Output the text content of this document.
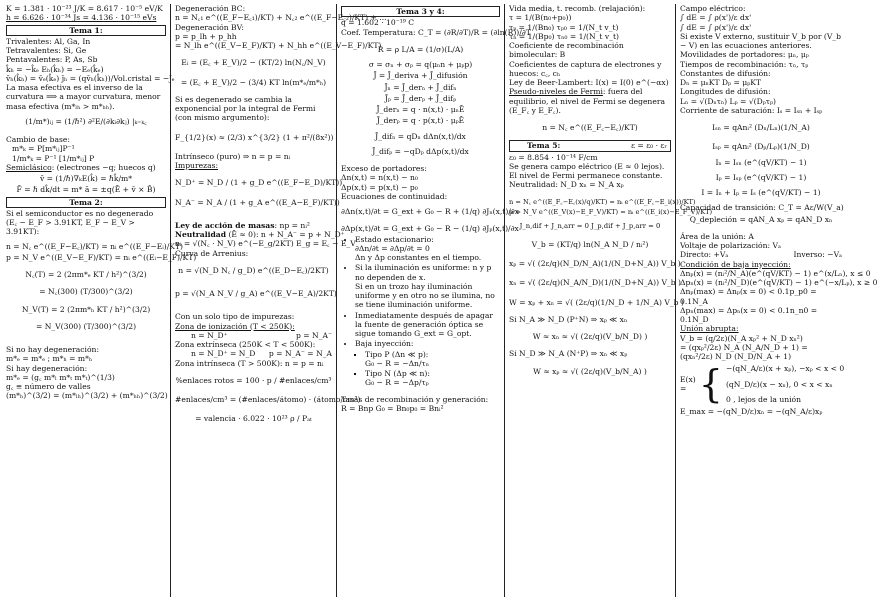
K = 1.381 · 10⁻²³ J/K = 8.617 · 10⁻⁵ eV/K
h = 6.626 · 10⁻³⁴ Js = 4.136 · 10⁻¹⁵ eVs
Tema 1:
Trivalentes: Al, Ga, In
Tetravalentes: Si, Ge
Pentavalentes: P, As, Sb
k̂ₕ = −k̂ₑ Eₕ(k̂ₕ) = −Eₑ(k̂ₑ)
v̄ₕ(k̂ₕ) = v̄ₑ(k̂ₑ) j̄ₕ = (qv̄ₕ(k̂ₕ))/Vol.cristal = −j̄ₑ
La masa efectiva es el inverso de la curvatura ⟹ a mayor curvatura, menor masa efectiva (m*ₗₕ > m*ₕₕ).
(1/m*)ᵢⱼ = (1/ℏ²) ∂²E/(∂kᵢ∂kⱼ) |ₖ₌ₖ꜀
Cambio de base:
m*ₖ = P[m*ᵢⱼ]P⁻¹
1/m*ₖ = P⁻¹ [1/m*ᵢⱼ] P
Semiclásico: (electrones −q; huecos q)
v̄ = (1/ℏ)∇ₖE(k̂) = ℏk̂/m*
F̄ = ℏ dk̂/dt = m* ā = ±q(Ē + v̄ × B̄)
Tema 2:
Si el semiconductor es no degenerado (E꜀ − E_F > 3.91KT, E_F − E_V > 3.91KT):
n = N꜀ e^((E_F−E꜀)/KT) = nᵢ e^((E_F−Eᵢ)/KT)
p = N_V e^((E_V−E_F)/KT) = nᵢ e^((Eᵢ−E_F)/KT)
N꜀(T) = 2 (2πm*ₑ KT / h²)^(3/2)
= N꜀(300) (T/300)^(3/2)
N_V(T) = 2 (2πm*ₕ KT / h²)^(3/2)
= N_V(300) (T/300)^(3/2)
Si no hay degeneración:
m*ₑ = m*ₑ ; m*ₕ = m*ₕ
Si hay degeneración:
m*ₑ = (g꜀ m*ₗ m*ₜ m*ₜ)^(1/3)
g꜀ ≡ número de valles
(m*ₕ)^(3/2) = (m*ₗₕ)^(3/2) + (m*ₕₕ)^(3/2)
Degeneración BC:
n = N꜀₁ e^((E_F−E꜀₁)/KT) + N꜀₂ e^((E_F−E꜀₂)/KT) + ...
Degeneración BV:
p = p_lh + p_hh
= N_lh e^((E_V−E_F)/KT) + N_hh e^((E_V−E_F)/KT)
Eᵢ = (E꜀ + E_V)/2 − (KT/2) ln(N꜀/N_V)
= (E꜀ + E_V)/2 − (3/4) KT ln(m*ₑ/m*ₕ)
Si es degenerado se cambia la exponencial por la integral de Fermi (con mismo argumento):
F_{1/2}(x) ≈ (2/3) x^{3/2} (1 + π²/(8x²))
Intrínseco (puro) ⇒ n = p = nᵢ
Impurezas:
N_D⁺ = N_D / (1 + g_D e^((E_F−E_D)/KT))
N_A⁻ = N_A / (1 + g_A e^((E_A−E_F)/KT))
Ley de acción de masas: np = nᵢ²
Neutralidad (Ē ≈ 0): n + N_A⁻ = p + N_D⁺
nᵢ = √(N꜀ · N_V) e^(−E_g/2KT) E_g = E꜀ − E_V
Curva de Arrenius:
n = √(N_D N꜀ / g_D) e^((E_D−E꜀)/2KT)
p = √(N_A N_V / g_A) e^((E_V−E_A)/2KT)
Con un solo tipo de impurezas:
Zona de ionización (T < 250K):
n = N_D⁺	p = N_A⁻
Zona extrínseca (250K < T < 500K):
n = N_D⁺ = N_D p = N_A⁻ = N_A
Zona intrínseca (T > 500K): n = p = nᵢ
%enlaces rotos = 100 · p / #enlaces/cm³
#enlaces/cm³ = (#enlaces/átomo) · (átomo/cm³)
= valencia · 6.022 · 10²³ ρ / Pₐₜ
Tema 3 y 4:
q = 1.602 · 10⁻¹⁹ C
Coef. Temperatura: C_T = (∂R/∂T)/R = (∂ln(R))/∂T
R = ρ L/A = (1/σ)(L/A)
σ = σₙ + σₚ = q(μₙn + μₚp)
J̄ = J̄_deriva + J̄_difusión
J̄ₙ = J̄_derₙ + J̄_difₙ
J̄ₚ = J̄_derₚ + J̄_difₚ
J̄_derₙ = q · n(x,t) · μₙĒ
J̄_derₚ = q · p(x,t) · μₚĒ
J̄_difₙ = qDₙ dΔn(x,t)/dx
J̄_difₚ = −qDₚ dΔp(x,t)/dx
Exceso de portadores:
Δn(x,t) = n(x,t) − n₀
Δp(x,t) = p(x,t) − p₀
Ecuaciones de continuidad:
∂Δn(x,t)/∂t = G_ext + G₀ − R + (1/q) ∂Jₙ(x,t)/∂x
∂Δp(x,t)/∂t = G_ext + G₀ − R − (1/q) ∂Jₚ(x,t)/∂x
• Estado estacionario:
∂Δn/∂t = ∂Δp/∂t = 0
Δn y Δp constantes en el tiempo.
• Si la iluminación es uniforme: n y p no dependen de x.
Si en un trozo hay iluminación uniforme y en otro no se ilumina, no se tiene iluminación uniforme.
• Inmediatamente después de apagar la fuente de generación óptica se sigue tomando G_ext = G_opt.
• Baja inyección:
▪ Tipo P (Δn ≪ p):
G₀ − R = −Δn/τₙ
▪ Tipo N (Δp ≪ n):
G₀ − R = −Δp/τₚ
Tasas de recombinación y generación:
R = Bnp G₀ = Bn₀p₀ = Bnᵢ²
Vida media, t. recomb. (relajación):
τ = 1/(B(n₀+p₀))
τₚ = 1/(Bn₀) τₚ₀ = 1/(N_t v_t)
τₙ = 1/(Bp₀) τₙ₀ = 1/(N_t v_t)
Coeficiente de recombinación bimolecular: B
Coeficientes de captura de electrones y huecos: c꜀, cₕ
Ley de Beer-Lambert: I(x) = I(0) e^(−αx)
Pseudo-niveles de Fermi: fuera del equilibrio, el nivel de Fermi se degenera (E_F꜀ y E_F꜀).
n = N꜀ e^((E_F꜀−E꜀)/KT)
Tema 5:	ε = ε₀ · εᵣ
ε₀ = 8.854 · 10⁻¹⁴ F/cm
Se genera campo eléctrico (E ≈ 0 lejos).
El nivel de Fermi permanece constante.
Neutralidad: N_D xₙ = N_A xₚ
n = N꜀ e^((E_F꜀−E꜀(x)/q)/KT) = nᵢ e^((E_F꜀−E_i(x))/KT)
p = N_V e^((E_V(x)−E_F_V)/KT) = nᵢ e^((E_i(x)−E_F_V)/KT)
J_n,dif + J_n,arr = 0 J_p,dif + J_p,arr = 0
V_b = (KT/q) ln(N_A N_D / nᵢ²)
xₚ = √( (2ε/q)(N_D/N_A)(1/(N_D+N_A)) V_b )
xₙ = √( (2ε/q)(N_A/N_D)(1/(N_D+N_A)) V_b )
W = xₚ + xₙ = √( (2ε/q)(1/N_D + 1/N_A) V_b )
Si N_A ≫ N_D (P⁺N) ⇒ xₚ ≪ xₙ
W ≈ xₙ ≈ √( (2ε/q)(V_b/N_D) )
Si N_D ≫ N_A (N⁺P) ⇒ xₙ ≪ xₚ
W ≈ xₚ ≈ √( (2ε/q)(V_b/N_A) )
Campo eléctrico:
∫ dE = ∫ ρ(x')/ε dx'
∫ dE = ∫ ρ(x')/ε dx'
Si existe V externo, sustituir V_b por (V_b − V) en las ecuaciones anteriores.
Movilidades de portadores: μₙ, μₚ
Tiempos de recombinación: τₙ, τₚ
Constantes de difusión:
Dₙ = μₙKT Dₚ = μₚKT
Longitudes de difusión:
Lₙ = √(Dₙτₙ) Lₚ = √(Dₚτₚ)
Corriente de saturación: Iₛ = Iₛₙ + Iₛₚ
Iₛₙ = qAnᵢ² (Dₙ/Lₙ)(1/N_A)
Iₛₚ = qAnᵢ² (Dₚ/Lₚ)(1/N_D)
Iₙ = Iₛₙ (e^(qV/KT) − 1)
Iₚ = Iₛₚ (e^(qV/KT) − 1)
I = Iₙ + Iₚ = Iₛ (e^(qV/KT) − 1)
Capacidad de transición: C_T = Aε/W(V_a)
Q_depleción = qAN_A xₚ = qAN_D xₙ
Área de la unión: A
Voltaje de polarización: Vₐ
Directo: +Vₐ	Inverso: −Vₐ
Condición de baja inyección:
Δnₚ(x) = (nᵢ²/N_A)(e^(qV/KT) − 1) e^(x/Lₙ), x ≤ 0
Δpₙ(x) = (nᵢ²/N_D)(e^(qV/KT) − 1) e^(−x/Lₚ), x ≥ 0
Δnₚ(max) = Δnₚ(x = 0) < 0.1p_p0 = 0.1N_A
Δpₙ(max) = Δpₙ(x = 0) < 0.1n_n0 = 0.1N_D
Unión abrupta:
V_b = (q/2ε)(N_A xₚ² + N_D xₙ²)
= (qxₚ²/2ε) N_A (N_A/N_D + 1) = (qxₙ²/2ε) N_D (N_D/N_A + 1)
E(x) = { −(qN_A/ε)(x + xₚ), −xₚ < x < 0
(qN_D/ε)(x − xₙ), 0 < x < xₙ
0 , lejos de la unión
E_max = −(qN_D/ε)xₙ = −(qN_A/ε)xₚ
